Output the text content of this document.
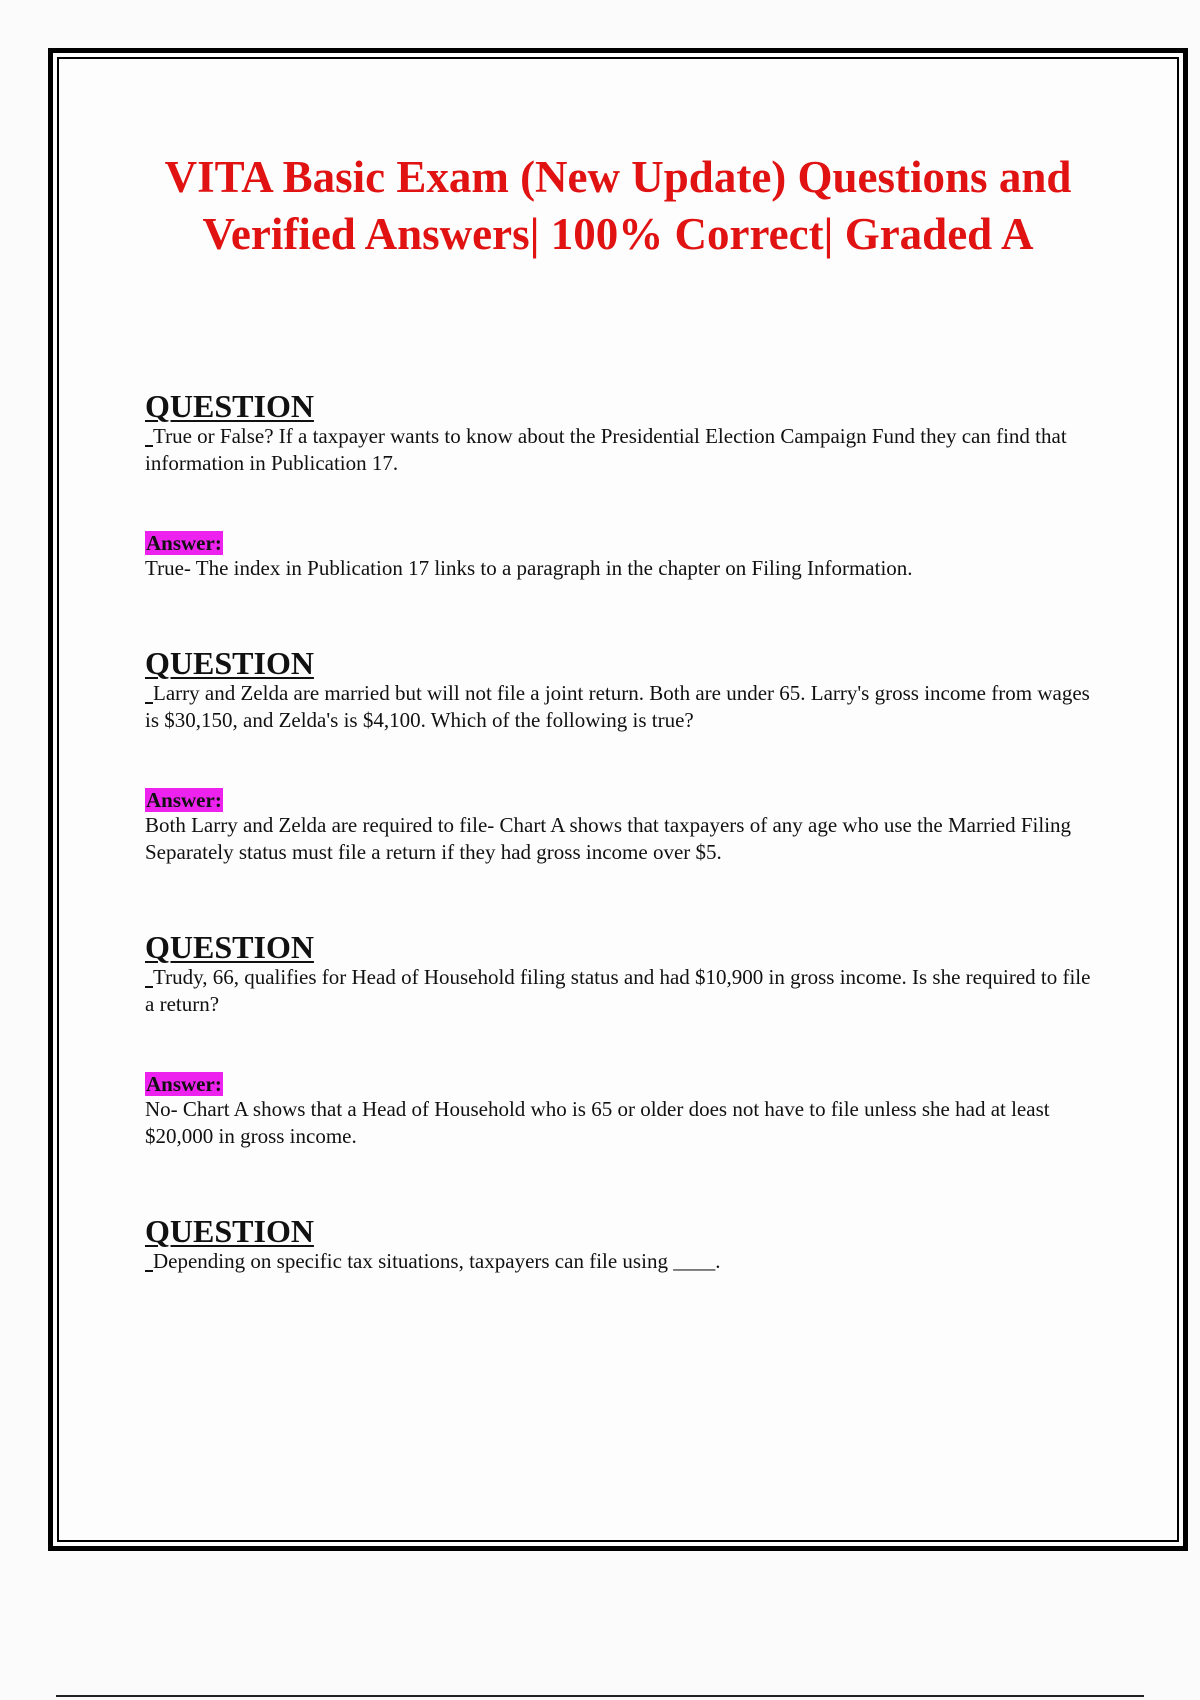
VITA Basic Exam (New Update) Questions and Verified Answers| 100% Correct| Graded A

QUESTION

True or False? If a taxpayer wants to know about the Presidential Election Campaign Fund they can find that information in Publication 17.

Answer:

True- The index in Publication 17 links to a paragraph in the chapter on Filing Information.

QUESTION

Larry and Zelda are married but will not file a joint return. Both are under 65. Larry's gross income from wages is $30,150, and Zelda's is $4,100. Which of the following is true?

Answer:

Both Larry and Zelda are required to file- Chart A shows that taxpayers of any age who use the Married Filing Separately status must file a return if they had gross income over $5.

QUESTION

Trudy, 66, qualifies for Head of Household filing status and had $10,900 in gross income. Is she required to file a return?

Answer:

No- Chart A shows that a Head of Household who is 65 or older does not have to file unless she had at least $20,000 in gross income.

QUESTION

Depending on specific tax situations, taxpayers can file using ____.
